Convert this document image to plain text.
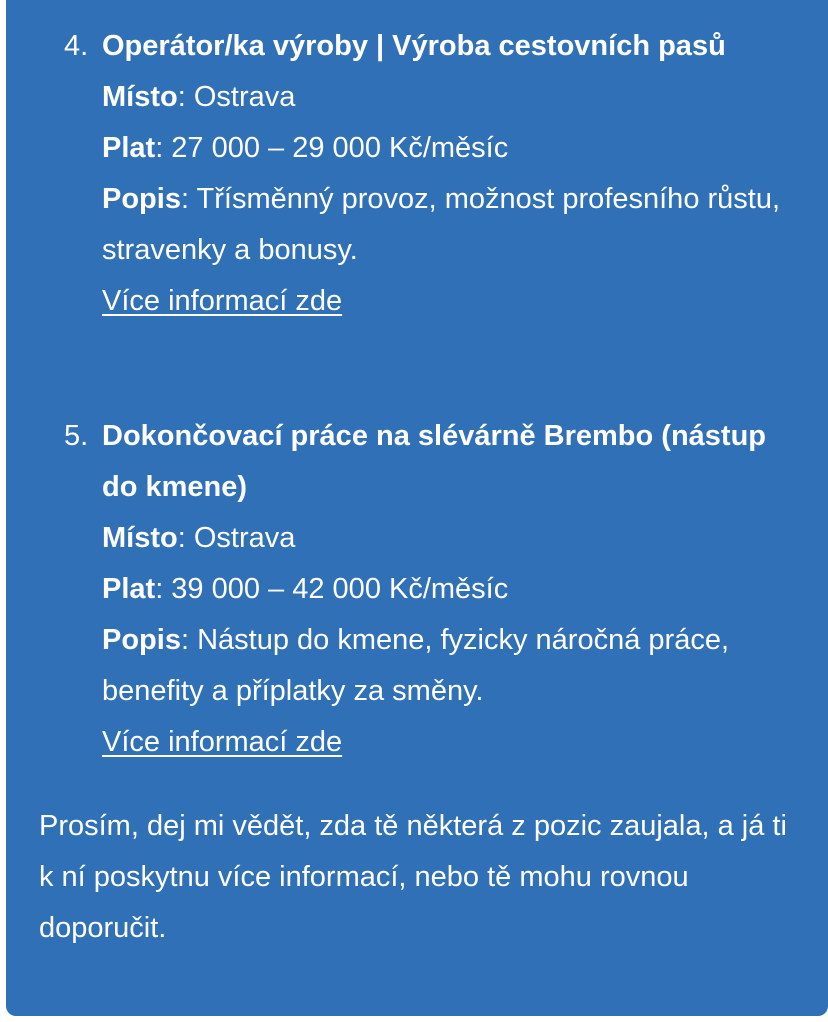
4. Operátor/ka výroby | Výroba cestovních pasů
Místo: Ostrava
Plat: 27 000 – 29 000 Kč/měsíc
Popis: Třísměnný provoz, možnost profesního růstu, stravenky a bonusy.
Více informací zde
5. Dokončovací práce na slévárně Brembo (nástup do kmene)
Místo: Ostrava
Plat: 39 000 – 42 000 Kč/měsíc
Popis: Nástup do kmene, fyzicky náročná práce, benefity a příplatky za směny.
Více informací zde
Prosím, dej mi vědět, zda tě některá z pozic zaujala, a já ti k ní poskytnu více informací, nebo tě mohu rovnou doporučit.
